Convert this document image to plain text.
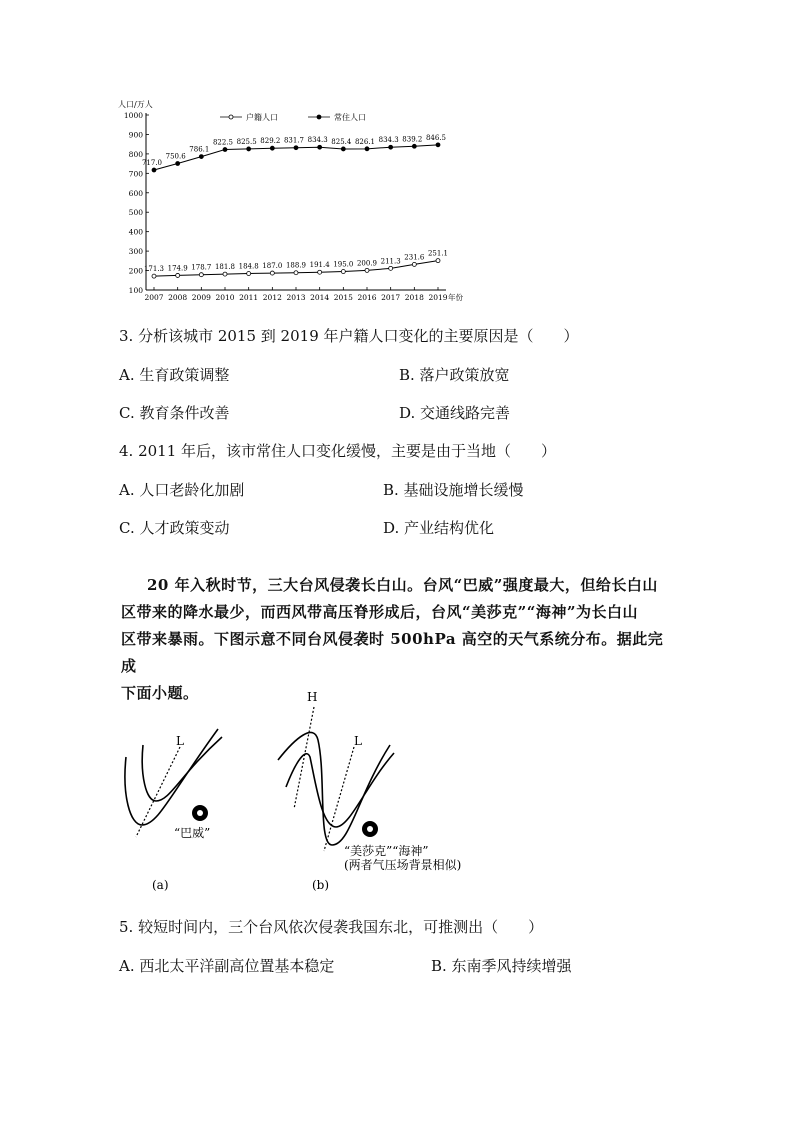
100
200
300
400
500
600
700
800
900
1000
人口/万人
2007 2008 2009 2010 2011 2012 2013 2014 2015 2016 2017 2018 2019 年份
171.3 174.9 178.7 181.8 184.8 187.0 188.9 191.4 195.0 200.9 211.3 231.6 251.1
717.0
750.6
786.1
822.5 825.5 829.2 831.7 834.3 825.4 826.1 834.3 839.2 846.5
户籍人口	常住人口
3. 分析该城市 2015 到 2019 年户籍人口变化的主要原因是（　　）
A. 生育政策调整	B. 落户政策放宽
C. 教育条件改善	D. 交通线路完善
4. 2011 年后，该市常住人口变化缓慢，主要是由于当地（　　）
A. 人口老龄化加剧	B. 基础设施增长缓慢
C. 人才政策变动	D. 产业结构优化
20 年入秋时节，三大台风侵袭长白山。台风“巴威”强度最大，但给长白山
区带来的降水最少，而西风带高压脊形成后，台风“美莎克”“海神”为长白山
区带来暴雨。下图示意不同台风侵袭时 500hPa 高空的天气系统分布。据此完成
下面小题。
L
“巴威”
(a)
H
L
“美莎克”“海神”
(两者气压场背景相似)
(b)
5. 较短时间内，三个台风依次侵袭我国东北，可推测出（　　）
A. 西北太平洋副高位置基本稳定	B. 东南季风持续增强
